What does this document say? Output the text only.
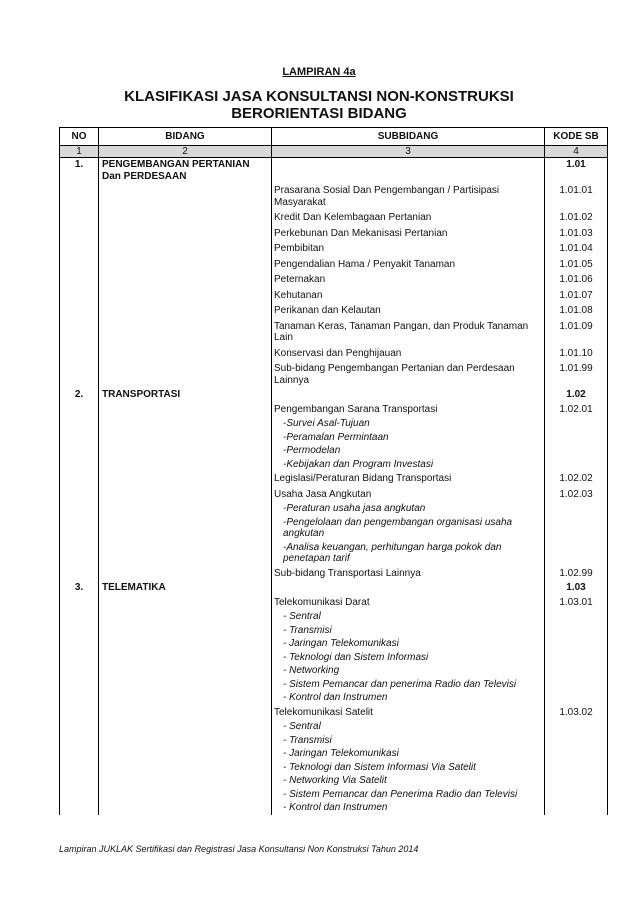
LAMPIRAN 4a
KLASIFIKASI JASA KONSULTANSI NON-KONSTRUKSI
BERORIENTASI BIDANG
NO	BIDANG	SUBBIDANG	KODE SB
1	2	3	4
1.	PENGEMBANGAN PERTANIAN Dan PERDESAAN		1.01
		Prasarana Sosial Dan Pengembangan / Partisipasi Masyarakat	1.01.01
		Kredit Dan Kelembagaan Pertanian	1.01.02
		Perkebunan Dan Mekanisasi Pertanian	1.01.03
		Pembibitan	1.01.04
		Pengendalian Hama / Penyakit Tanaman	1.01.05
		Peternakan	1.01.06
		Kehutanan	1.01.07
		Perikanan dan Kelautan	1.01.08
		Tanaman Keras, Tanaman Pangan, dan Produk Tanaman Lain	1.01.09
		Konservasi dan Penghijauan	1.01.10
		Sub-bidang Pengembangan Pertanian dan Perdesaan Lainnya	1.01.99
2.	TRANSPORTASI		1.02
		Pengembangan Sarana Transportasi	1.02.01
		-Survei Asal-Tujuan	
		-Peramalan Permintaan	
		-Permodelan	
		-Kebijakan dan Program Investasi	
		Legislasi/Peraturan Bidang Transportasi	1.02.02
		Usaha Jasa Angkutan	1.02.03
		-Peraturan usaha jasa angkutan	
		-Pengelolaan dan pengembangan organisasi usaha angkutan	
		-Analisa keuangan, perhitungan harga pokok dan penetapan tarif	
		Sub-bidang Transportasi Lainnya	1.02.99
3.	TELEMATIKA		1.03
		Telekomunikasi Darat	1.03.01
		- Sentral	
		- Transmisi	
		- Jaringan Telekomunikasi	
		- Teknologi dan Sistem Informasi	
		- Networking	
		- Sistem Pemancar dan penerima Radio dan Televisi	
		- Kontrol dan Instrumen	
		Telekomunikasi Satelit	1.03.02
		- Sentral	
		- Transmisi	
		- Jaringan Telekomunikasi	
		- Teknologi dan Sistem Informasi Via Satelit	
		- Networking Via Satelit	
		- Sistem Pemancar dan Penerima Radio dan Televisi	
		- Kontrol dan Instrumen	
Lampiran JUKLAK Sertifikasi dan Registrasi Jasa Konsultansi Non Konstruksi Tahun 2014
